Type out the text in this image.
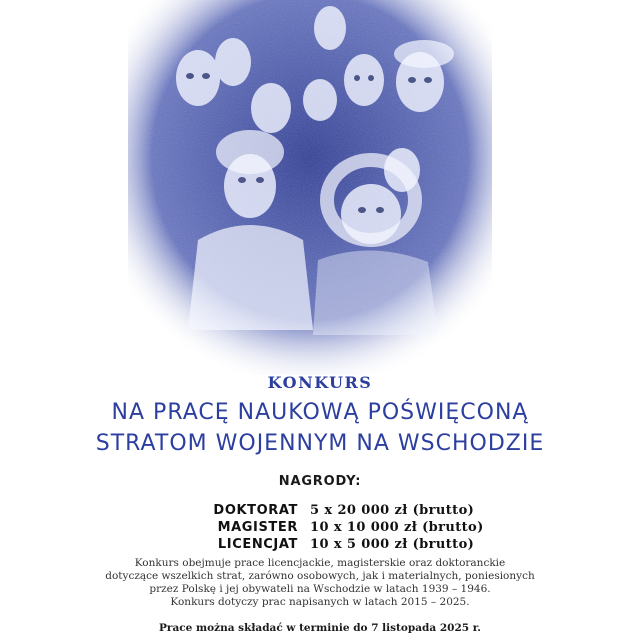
KONKURS
NA PRACĘ NAUKOWĄ POŚWIĘCONĄ
STRATOM WOJENNYM NA WSCHODZIE
NAGRODY:
DOKTORAT 5 x 20 000 zł (brutto)
MAGISTER 10 x 10 000 zł (brutto)
LICENCJAT 10 x 5 000 zł (brutto)
Konkurs obejmuje prace licencjackie, magisterskie oraz doktoranckie
dotyczące wszelkich strat, zarówno osobowych, jak i materialnych, poniesionych
przez Polskę i jej obywateli na Wschodzie w latach 1939 – 1946.
Konkurs dotyczy prac napisanych w latach 2015 – 2025.
Prace można składać w terminie do 7 listopada 2025 r.
